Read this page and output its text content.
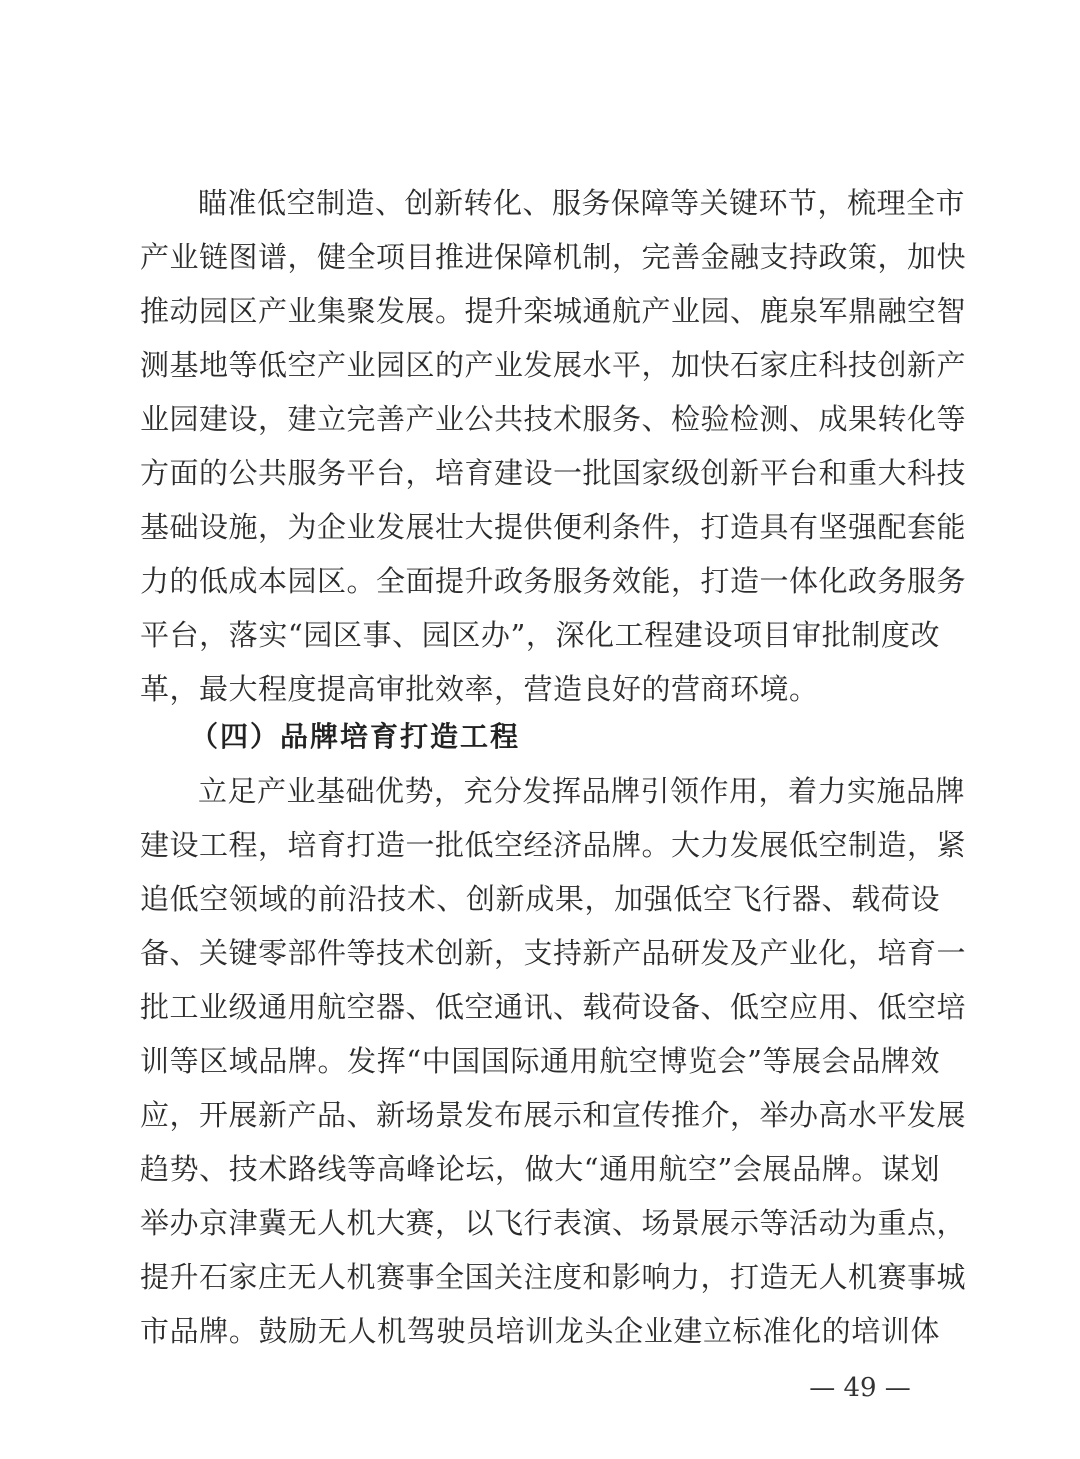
瞄准低空制造、创新转化、服务保障等关键环节，梳理全市
产业链图谱，健全项目推进保障机制，完善金融支持政策，加快
推动园区产业集聚发展。提升栾城通航产业园、鹿泉军鼎融空智
测基地等低空产业园区的产业发展水平，加快石家庄科技创新产
业园建设，建立完善产业公共技术服务、检验检测、成果转化等
方面的公共服务平台，培育建设一批国家级创新平台和重大科技
基础设施，为企业发展壮大提供便利条件，打造具有坚强配套能
力的低成本园区。全面提升政务服务效能，打造一体化政务服务
平台，落实“园区事、园区办”，深化工程建设项目审批制度改
革，最大程度提高审批效率，营造良好的营商环境。
（四）品牌培育打造工程
立足产业基础优势，充分发挥品牌引领作用，着力实施品牌
建设工程，培育打造一批低空经济品牌。大力发展低空制造，紧
追低空领域的前沿技术、创新成果，加强低空飞行器、载荷设
备、关键零部件等技术创新，支持新产品研发及产业化，培育一
批工业级通用航空器、低空通讯、载荷设备、低空应用、低空培
训等区域品牌。发挥“中国国际通用航空博览会”等展会品牌效
应，开展新产品、新场景发布展示和宣传推介，举办高水平发展
趋势、技术路线等高峰论坛，做大“通用航空”会展品牌。谋划
举办京津冀无人机大赛，以飞行表演、场景展示等活动为重点，
提升石家庄无人机赛事全国关注度和影响力，打造无人机赛事城
市品牌。鼓励无人机驾驶员培训龙头企业建立标准化的培训体
— 49 —
